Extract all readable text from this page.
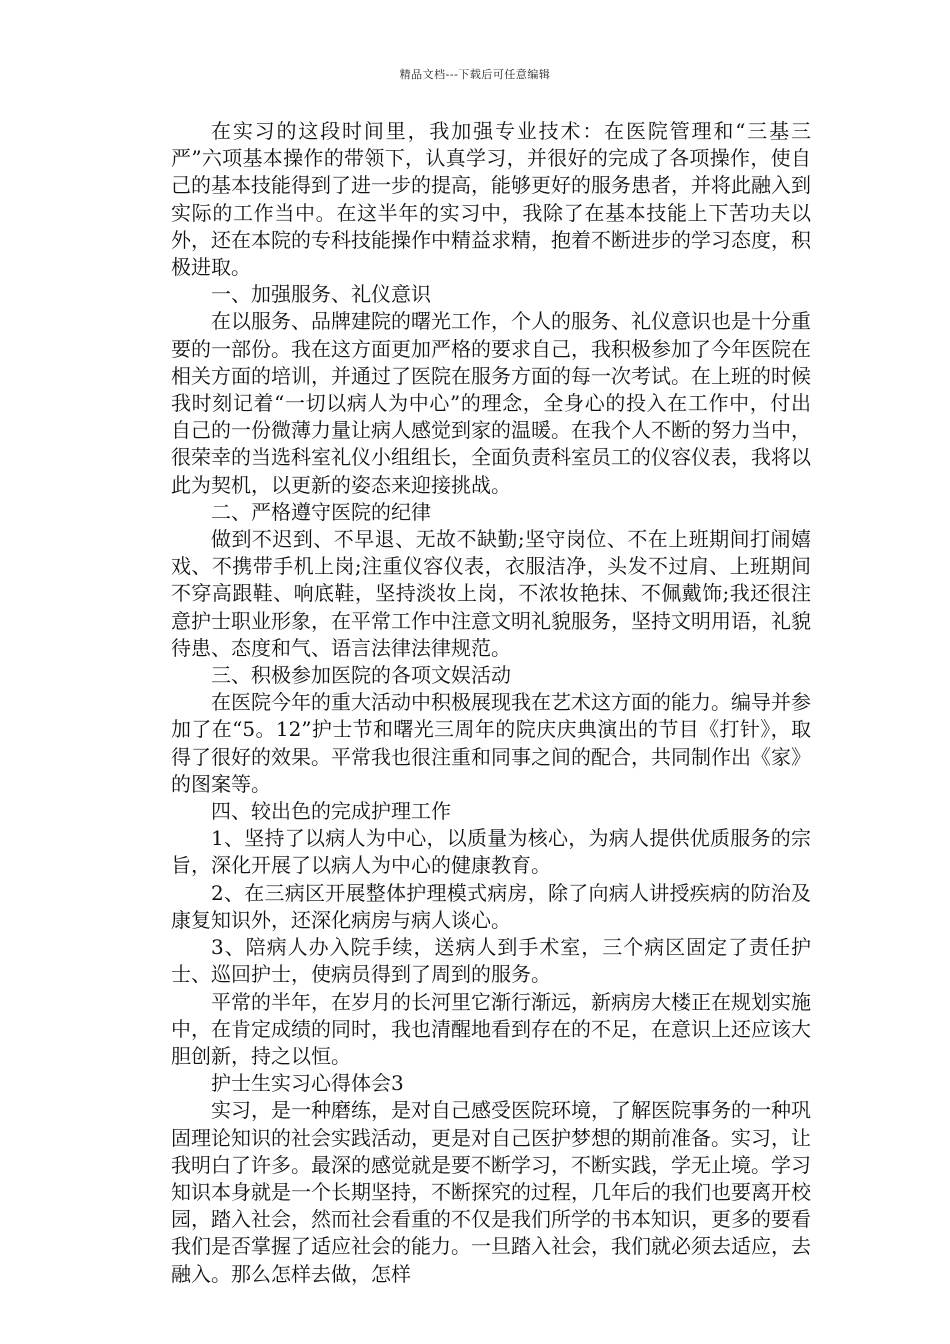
精品文档---下载后可任意编辑

在实习的这段时间里，我加强专业技术：在医院管理和“三基三严”六项基本操作的带领下，认真学习，并很好的完成了各项操作，使自己的基本技能得到了进一步的提高，能够更好的服务患者，并将此融入到实际的工作当中。在这半年的实习中，我除了在基本技能上下苦功夫以外，还在本院的专科技能操作中精益求精，抱着不断进步的学习态度，积极进取。

一、加强服务、礼仪意识

在以服务、品牌建院的曙光工作，个人的服务、礼仪意识也是十分重要的一部份。我在这方面更加严格的要求自己，我积极参加了今年医院在相关方面的培训，并通过了医院在服务方面的每一次考试。在上班的时候我时刻记着“一切以病人为中心”的理念，全身心的投入在工作中，付出自己的一份微薄力量让病人感觉到家的温暖。在我个人不断的努力当中，很荣幸的当选科室礼仪小组组长，全面负责科室员工的仪容仪表，我将以此为契机，以更新的姿态来迎接挑战。

二、严格遵守医院的纪律

做到不迟到、不早退、无故不缺勤;坚守岗位、不在上班期间打闹嬉戏、不携带手机上岗;注重仪容仪表，衣服洁净，头发不过肩、上班期间不穿高跟鞋、响底鞋，坚持淡妆上岗，不浓妆艳抹、不佩戴饰;我还很注意护士职业形象，在平常工作中注意文明礼貌服务，坚持文明用语，礼貌待患、态度和气、语言法律法律规范。

三、积极参加医院的各项文娱活动

在医院今年的重大活动中积极展现我在艺术这方面的能力。编导并参加了在“5。12”护士节和曙光三周年的院庆庆典演出的节目《打针》，取得了很好的效果。平常我也很注重和同事之间的配合，共同制作出《家》的图案等。

四、较出色的完成护理工作

1、坚持了以病人为中心，以质量为核心，为病人提供优质服务的宗旨，深化开展了以病人为中心的健康教育。

2、在三病区开展整体护理模式病房，除了向病人讲授疾病的防治及康复知识外，还深化病房与病人谈心。

3、陪病人办入院手续，送病人到手术室，三个病区固定了责任护士、巡回护士，使病员得到了周到的服务。

平常的半年，在岁月的长河里它渐行渐远，新病房大楼正在规划实施中，在肯定成绩的同时，我也清醒地看到存在的不足，在意识上还应该大胆创新，持之以恒。

护士生实习心得体会3

实习，是一种磨练，是对自己感受医院环境，了解医院事务的一种巩固理论知识的社会实践活动，更是对自己医护梦想的期前准备。实习，让我明白了许多。最深的感觉就是要不断学习，不断实践，学无止境。学习知识本身就是一个长期坚持，不断探究的过程，几年后的我们也要离开校园，踏入社会，然而社会看重的不仅是我们所学的书本知识，更多的要看我们是否掌握了适应社会的能力。一旦踏入社会，我们就必须去适应，去融入。那么怎样去做，怎样
